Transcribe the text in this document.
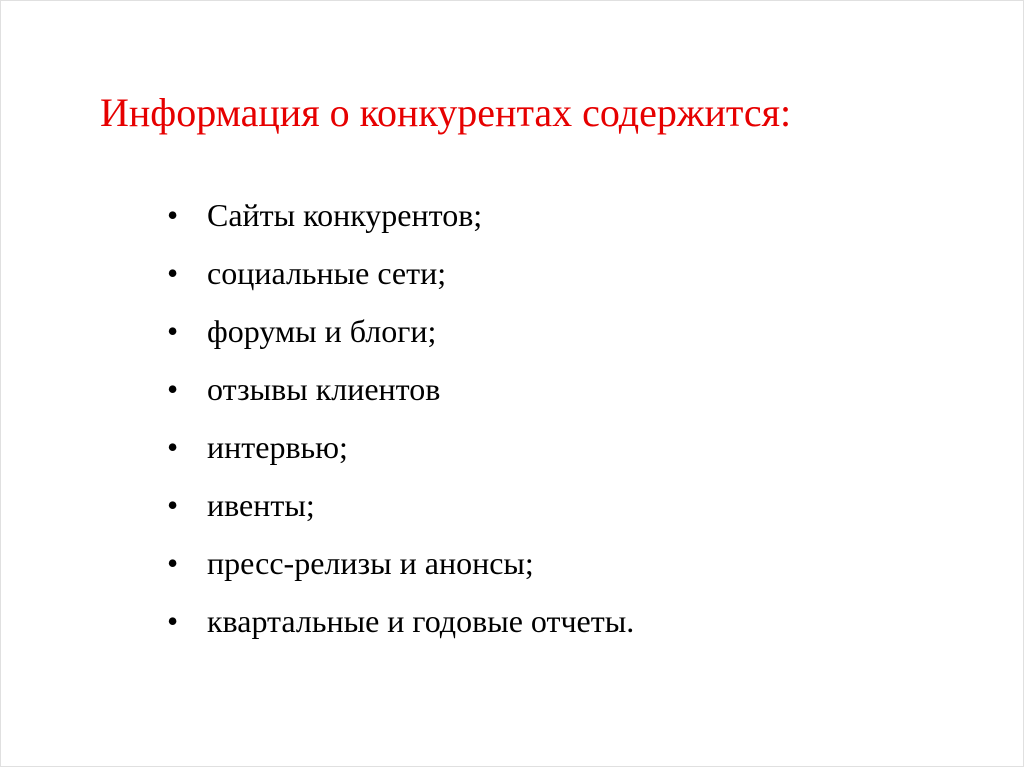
Информация о конкурентах содержится:
• Сайты конкурентов;
• социальные сети;
• форумы и блоги;
• отзывы клиентов
• интервью;
• ивенты;
• пресс-релизы и анонсы;
• квартальные и годовые отчеты.
